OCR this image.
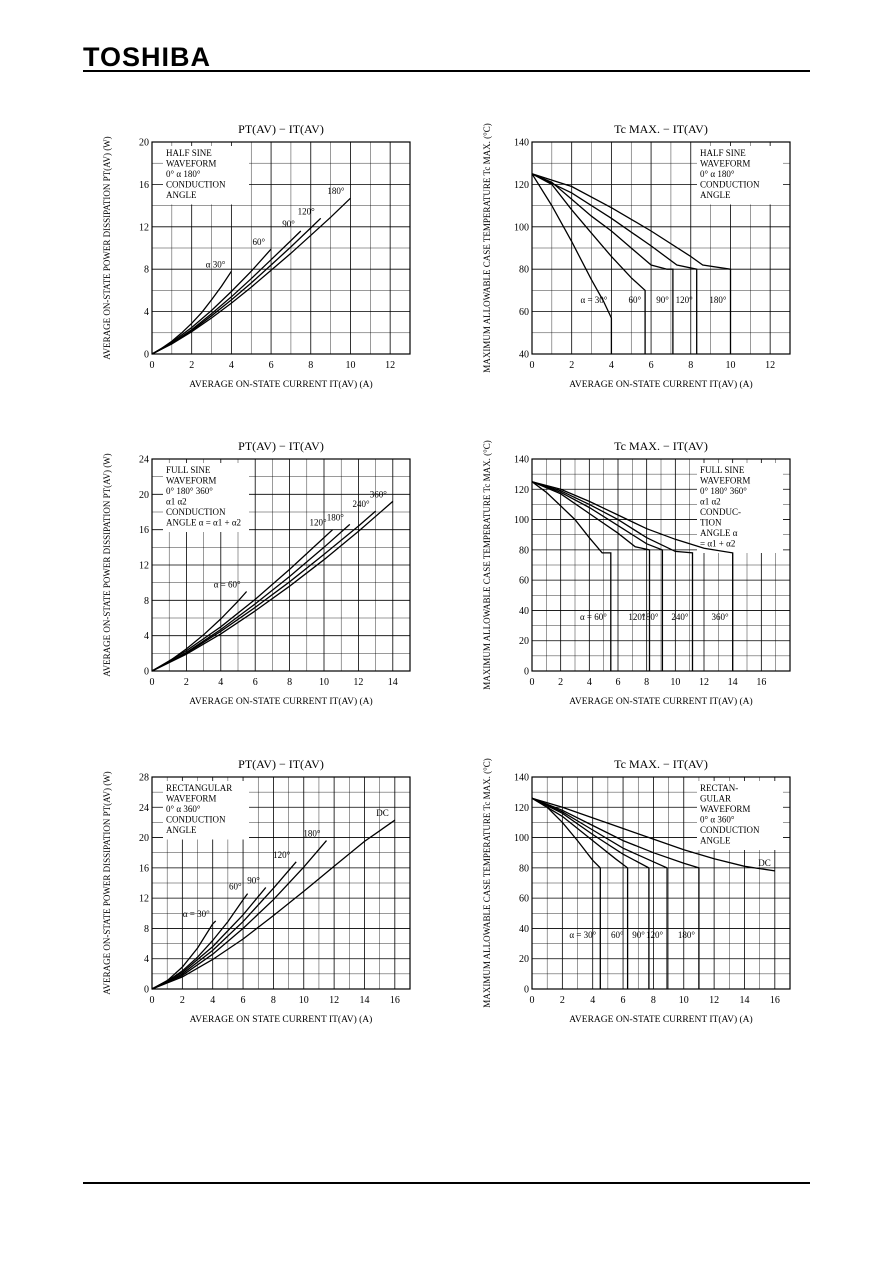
TOSHIBA
0	2	4	6	8	10	12
0
4
8
12
16
20
PT(AV) − IT(AV)
AVERAGE ON-STATE CURRENT IT(AV) (A)
AVERAGE ON-STATE POWER DISSIPATION PT(AV) (W)	HALF SINE
WAVEFORM
0° α 180°
CONDUCTION
ANGLE
α 30°
60°
90°
120°
180°
0	2	4	6	8	10	12
40
60
80
100
120
140
Tc MAX. − IT(AV)
AVERAGE ON-STATE CURRENT IT(AV) (A)
MAXIMUM ALLOWABLE CASE TEMPERATURE Tc MAX. (°C)	HALF SINE
WAVEFORM
0° α 180°
CONDUCTION
ANGLE
α = 30° 60° 90° 120° 180°
0	2	4	6	8	10 12 14
0
4
8
12
16
20
24
PT(AV) − IT(AV)
AVERAGE ON-STATE CURRENT IT(AV) (A)
AVERAGE ON-STATE POWER DISSIPATION PT(AV) (W)	FULL SINE
WAVEFORM
0° 180° 360°
α1 α2
CONDUCTION
ANGLE α = α1 + α2
α = 60°
120°
180°
240°
360°
0 2 4 6 8 10 12 14 16
0
20
40
60
80
100
120
140
Tc MAX. − IT(AV)
AVERAGE ON-STATE CURRENT IT(AV) (A)
MAXIMUM ALLOWABLE CASE TEMPERATURE Tc MAX. (°C)	FULL SINE
WAVEFORM
0° 180° 360°
α1 α2
CONDUC-
TION
ANGLE α
= α1 + α2
α = 60° 120°
180° 240°	360°
0	2	4	6	8 10 12 14 16
0
4
8
12
16
20
24
28
PT(AV) − IT(AV)
AVERAGE ON STATE CURRENT IT(AV) (A)
AVERAGE ON-STATE POWER DISSIPATION PT(AV) (W)	RECTANGULAR
WAVEFORM
0° α 360°
CONDUCTION
ANGLE
α = 30°
60°
90°
120°
180°
DC
0	2	4	6	8 10 12 14 16
0
20
40
60
80
100
120
140
Tc MAX. − IT(AV)
AVERAGE ON-STATE CURRENT IT(AV) (A)
MAXIMUM ALLOWABLE CASE TEMPERATURE Tc MAX. (°C)	RECTAN-
GULAR
WAVEFORM
0° α 360°
CONDUCTION
ANGLE
α = 30° 60° 90° 120° 180°
DC
